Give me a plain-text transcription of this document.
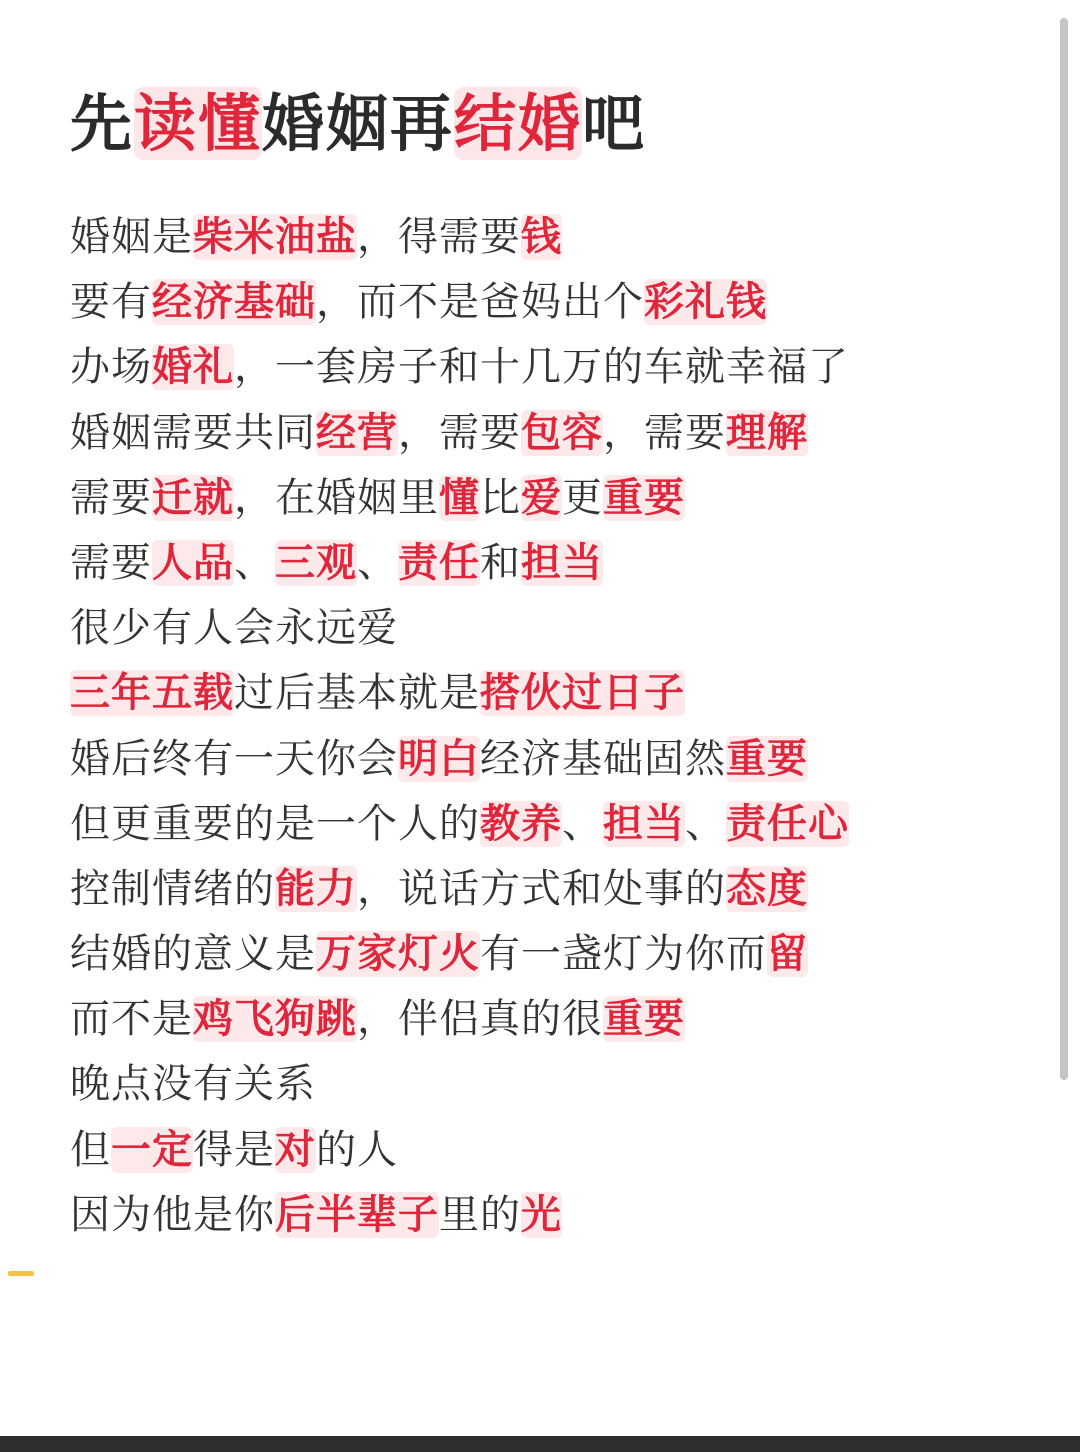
先读懂婚姻再结婚吧
婚姻是柴米油盐，得需要钱
要有经济基础，而不是爸妈出个彩礼钱
办场婚礼，一套房子和十几万的车就幸福了
婚姻需要共同经营，需要包容，需要理解
需要迁就，在婚姻里懂比爱更重要
需要人品、三观、责任和担当
很少有人会永远爱
三年五载过后基本就是搭伙过日子
婚后终有一天你会明白经济基础固然重要
但更重要的是一个人的教养、担当、责任心
控制情绪的能力，说话方式和处事的态度
结婚的意义是万家灯火有一盏灯为你而留
而不是鸡飞狗跳，伴侣真的很重要
晚点没有关系
但一定得是对的人
因为他是你后半辈子里的光
